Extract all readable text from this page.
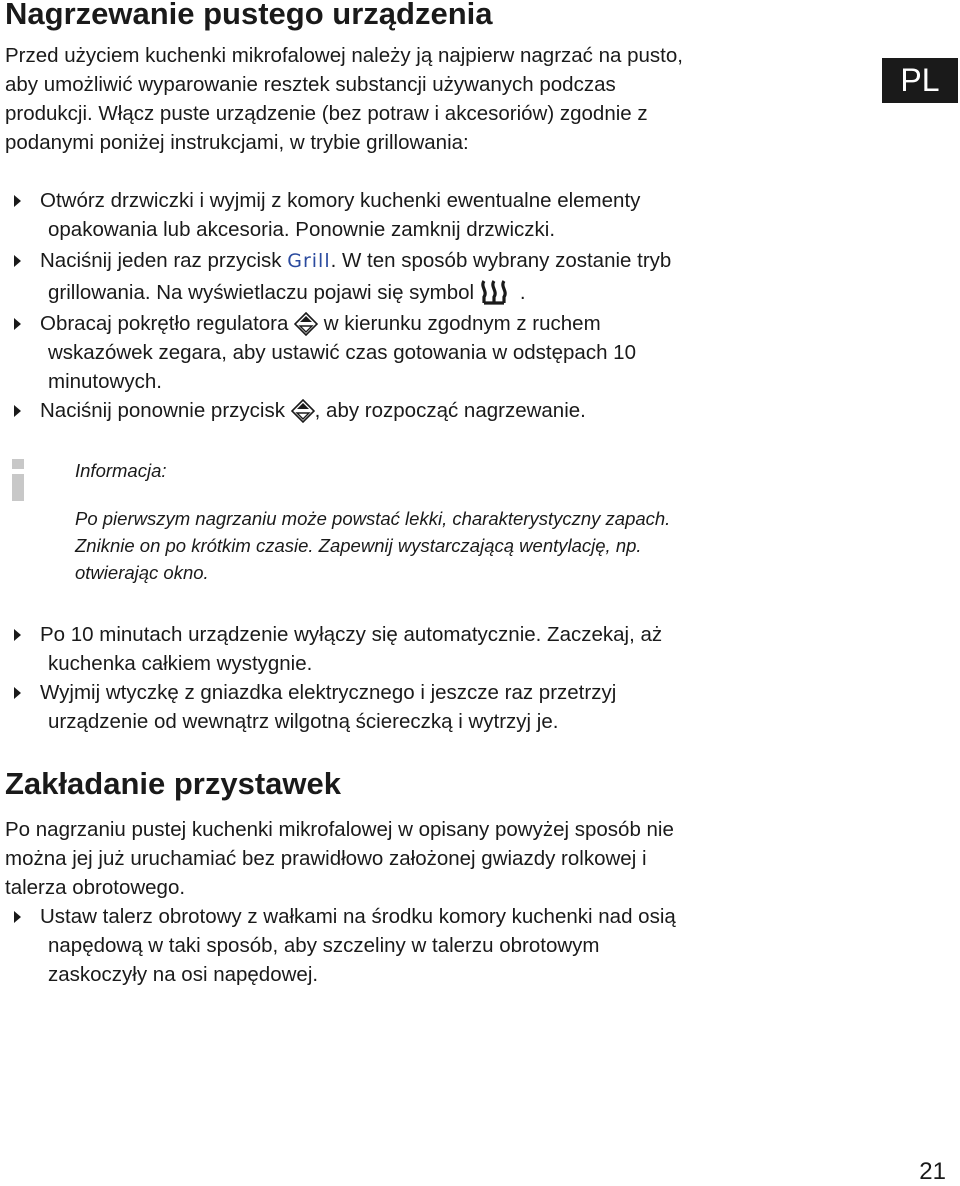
Nagrzewanie pustego urządzenia
PL
Przed użyciem kuchenki mikrofalowej należy ją najpierw nagrzać na pusto,
aby umożliwić wyparowanie resztek substancji używanych podczas
produkcji. Włącz puste urządzenie (bez potraw i akcesoriów) zgodnie z
podanymi poniżej instrukcjami, w trybie grillowania:
Otwórz drzwiczki i wyjmij z komory kuchenki ewentualne elementy
opakowania lub akcesoria. Ponownie zamknij drzwiczki.
Naciśnij jeden raz przycisk Grill. W ten sposób wybrany zostanie tryb
grillowania. Na wyświetlaczu pojawi się symbol .
Obracaj pokrętło regulatora  w kierunku zgodnym z ruchem
wskazówek zegara, aby ustawić czas gotowania w odstępach 10
minutowych.
Naciśnij ponownie przycisk , aby rozpocząć nagrzewanie.
Informacja:
Po pierwszym nagrzaniu może powstać lekki, charakterystyczny zapach.
Zniknie on po krótkim czasie. Zapewnij wystarczającą wentylację, np.
otwierając okno.
Po 10 minutach urządzenie wyłączy się automatycznie. Zaczekaj, aż
kuchenka całkiem wystygnie.
Wyjmij wtyczkę z gniazdka elektrycznego i jeszcze raz przetrzyj
urządzenie od wewnątrz wilgotną ściereczką i wytrzyj je.
Zakładanie przystawek
Po nagrzaniu pustej kuchenki mikrofalowej w opisany powyżej sposób nie
można jej już uruchamiać bez prawidłowo założonej gwiazdy rolkowej i
talerza obrotowego.
Ustaw talerz obrotowy z wałkami na środku komory kuchenki nad osią
napędową w taki sposób, aby szczeliny w talerzu obrotowym
zaskoczyły na osi napędowej.
21
